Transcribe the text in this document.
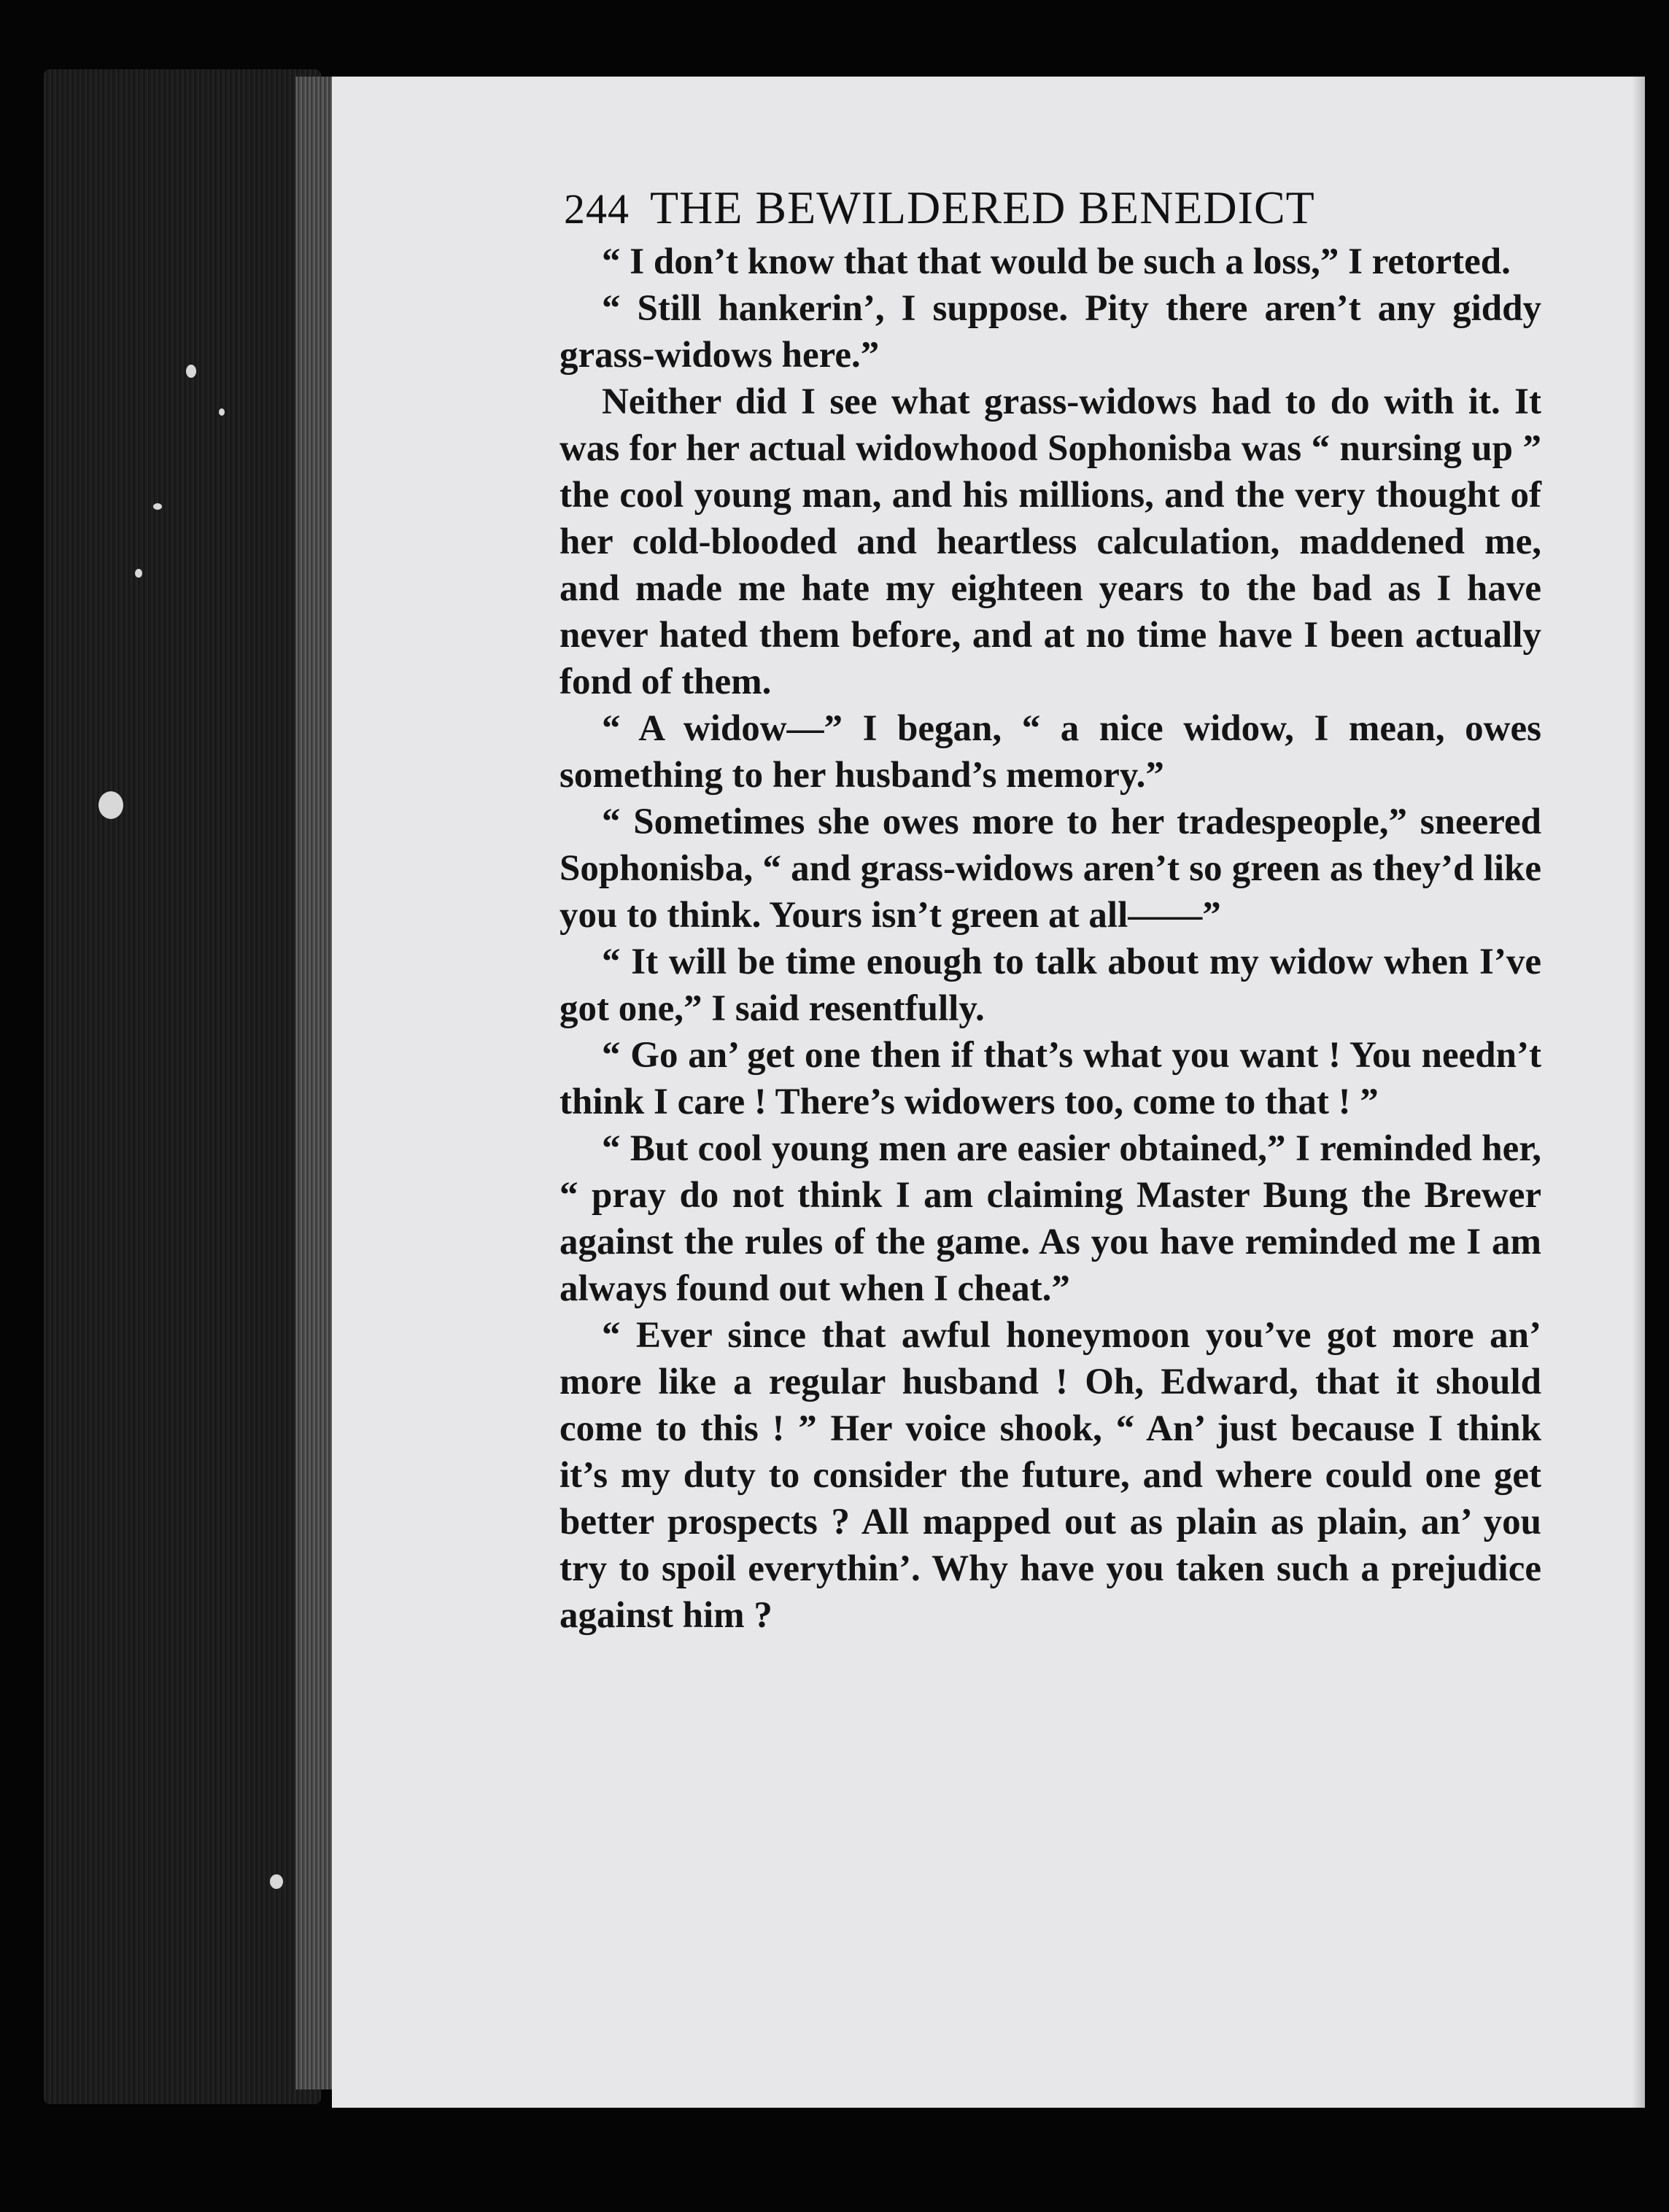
244 THE BEWILDERED BENEDICT

“ I don’t know that that would be such a loss,” I retorted.

“ Still hankerin’, I suppose. Pity there aren’t any giddy grass-widows here.”

Neither did I see what grass-widows had to do with it. It was for her actual widowhood Sophonisba was “ nursing up ” the cool young man, and his millions, and the very thought of her cold-blooded and heartless calculation, maddened me, and made me hate my eighteen years to the bad as I have never hated them before, and at no time have I been actually fond of them.

“ A widow—” I began, “ a nice widow, I mean, owes something to her husband’s memory.”

“ Sometimes she owes more to her tradespeople,” sneered Sophonisba, “ and grass-widows aren’t so green as they’d like you to think. Yours isn’t green at all——”

“ It will be time enough to talk about my widow when I’ve got one,” I said resentfully.

“ Go an’ get one then if that’s what you want ! You needn’t think I care ! There’s widowers too, come to that ! ”

“ But cool young men are easier obtained,” I reminded her, “ pray do not think I am claiming Master Bung the Brewer against the rules of the game. As you have reminded me I am always found out when I cheat.”

“ Ever since that awful honeymoon you’ve got more an’ more like a regular husband ! Oh, Edward, that it should come to this ! ” Her voice shook, “ An’ just because I think it’s my duty to consider the future, and where could one get better prospects ? All mapped out as plain as plain, an’ you try to spoil everythin’. Why have you taken such a prejudice against him ?
